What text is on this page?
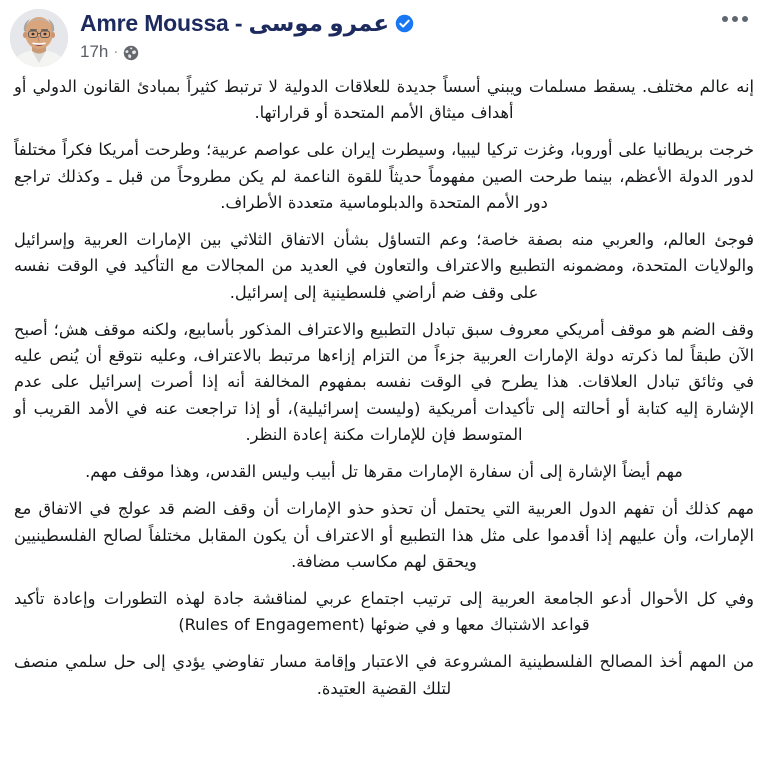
Amre Moussa - عمرو موسى
17h ·

إنه عالم مختلف. يسقط مسلمات ويبني أسساً جديدة للعلاقات الدولية لا ترتبط كثيراً بمبادئ القانون الدولي أو أهداف ميثاق الأمم المتحدة أو قراراتها.

خرجت بريطانيا على أوروبا، وغزت تركيا ليبيا، وسيطرت إيران على عواصم عربية؛ وطرحت أمريكا فكراً مختلفاً لدور الدولة الأعظم، بينما طرحت الصين مفهوماً حديثاً للقوة الناعمة لم يكن مطروحاً من قبل ـ وكذلك تراجع دور الأمم المتحدة والدبلوماسية متعددة الأطراف.

فوجئ العالم، والعربي منه بصفة خاصة؛ وعم التساؤل بشأن الاتفاق الثلاثي بين الإمارات العربية وإسرائيل والولايات المتحدة، ومضمونه التطبيع والاعتراف والتعاون في العديد من المجالات مع التأكيد في الوقت نفسه على وقف ضم أراضي فلسطينية إلى إسرائيل.

وقف الضم هو موقف أمريكي معروف سبق تبادل التطبيع والاعتراف المذكور بأسابيع، ولكنه موقف هش؛ أصبح الآن طبقاً لما ذكرته دولة الإمارات العربية جزءاً من التزام إزاءها مرتبط بالاعتراف، وعليه نتوقع أن يُنص عليه في وثائق تبادل العلاقات. هذا يطرح في الوقت نفسه بمفهوم المخالفة أنه إذا أصرت إسرائيل على عدم الإشارة إليه كتابة أو أحالته إلى تأكيدات أمريكية (وليست إسرائيلية)، أو إذا تراجعت عنه في الأمد القريب أو المتوسط فإن للإمارات مكنة إعادة النظر.

مهم أيضاً الإشارة إلى أن سفارة الإمارات مقرها تل أبيب وليس القدس، وهذا موقف مهم.

مهم كذلك أن تفهم الدول العربية التي يحتمل أن تحذو حذو الإمارات أن وقف الضم قد عولج في الاتفاق مع الإمارات، وأن عليهم إذا أقدموا على مثل هذا التطبيع أو الاعتراف أن يكون المقابل مختلفاً لصالح الفلسطينيين ويحقق لهم مكاسب مضافة.

وفي كل الأحوال أدعو الجامعة العربية إلى ترتيب اجتماع عربي لمناقشة جادة لهذه التطورات وإعادة تأكيد قواعد الاشتباك معها و في ضوئها (Rules of Engagement)

من المهم أخذ المصالح الفلسطينية المشروعة في الاعتبار وإقامة مسار تفاوضي يؤدي إلى حل سلمي منصف لتلك القضية العتيدة.
